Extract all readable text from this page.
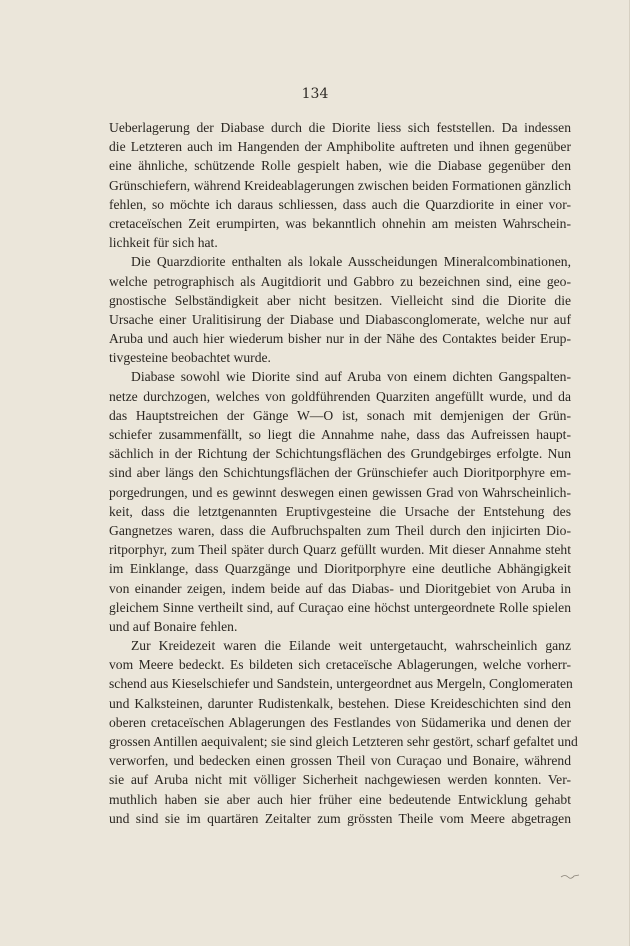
134
Ueberlagerung der Diabase durch die Diorite liess sich feststellen. Da indessen
die Letzteren auch im Hangenden der Amphibolite auftreten und ihnen gegenüber
eine ähnliche, schützende Rolle gespielt haben, wie die Diabase gegenüber den
Grünschiefern, während Kreideablagerungen zwischen beiden Formationen gänzlich
fehlen, so möchte ich daraus schliessen, dass auch die Quarzdiorite in einer vor-
cretaceïschen Zeit erumpirten, was bekanntlich ohnehin am meisten Wahrschein-
lichkeit für sich hat.
Die Quarzdiorite enthalten als lokale Ausscheidungen Mineralcombinationen,
welche petrographisch als Augitdiorit und Gabbro zu bezeichnen sind, eine geo-
gnostische Selbständigkeit aber nicht besitzen. Vielleicht sind die Diorite die
Ursache einer Uralitisirung der Diabase und Diabasconglomerate, welche nur auf
Aruba und auch hier wiederum bisher nur in der Nähe des Contaktes beider Erup-
tivgesteine beobachtet wurde.
Diabase sowohl wie Diorite sind auf Aruba von einem dichten Gangspalten-
netze durchzogen, welches von goldführenden Quarziten angefüllt wurde, und da
das Hauptstreichen der Gänge W—O ist, sonach mit demjenigen der Grün-
schiefer zusammenfällt, so liegt die Annahme nahe, dass das Aufreissen haupt-
sächlich in der Richtung der Schichtungsflächen des Grundgebirges erfolgte. Nun
sind aber längs den Schichtungsflächen der Grünschiefer auch Dioritporphyre em-
porgedrungen, und es gewinnt deswegen einen gewissen Grad von Wahrscheinlich-
keit, dass die letztgenannten Eruptivgesteine die Ursache der Entstehung des
Gangnetzes waren, dass die Aufbruchspalten zum Theil durch den injicirten Dio-
ritporphyr, zum Theil später durch Quarz gefüllt wurden. Mit dieser Annahme steht
im Einklange, dass Quarzgänge und Dioritporphyre eine deutliche Abhängigkeit
von einander zeigen, indem beide auf das Diabas- und Dioritgebiet von Aruba in
gleichem Sinne vertheilt sind, auf Curaçao eine höchst untergeordnete Rolle spielen
und auf Bonaire fehlen.
Zur Kreidezeit waren die Eilande weit untergetaucht, wahrscheinlich ganz
vom Meere bedeckt. Es bildeten sich cretaceïsche Ablagerungen, welche vorherr-
schend aus Kieselschiefer und Sandstein, untergeordnet aus Mergeln, Conglomeraten
und Kalksteinen, darunter Rudistenkalk, bestehen. Diese Kreideschichten sind den
oberen cretaceïschen Ablagerungen des Festlandes von Südamerika und denen der
grossen Antillen aequivalent; sie sind gleich Letzteren sehr gestört, scharf gefaltet und
verworfen, und bedecken einen grossen Theil von Curaçao und Bonaire, während
sie auf Aruba nicht mit völliger Sicherheit nachgewiesen werden konnten. Ver-
muthlich haben sie aber auch hier früher eine bedeutende Entwicklung gehabt
und sind sie im quartären Zeitalter zum grössten Theile vom Meere abgetragen
